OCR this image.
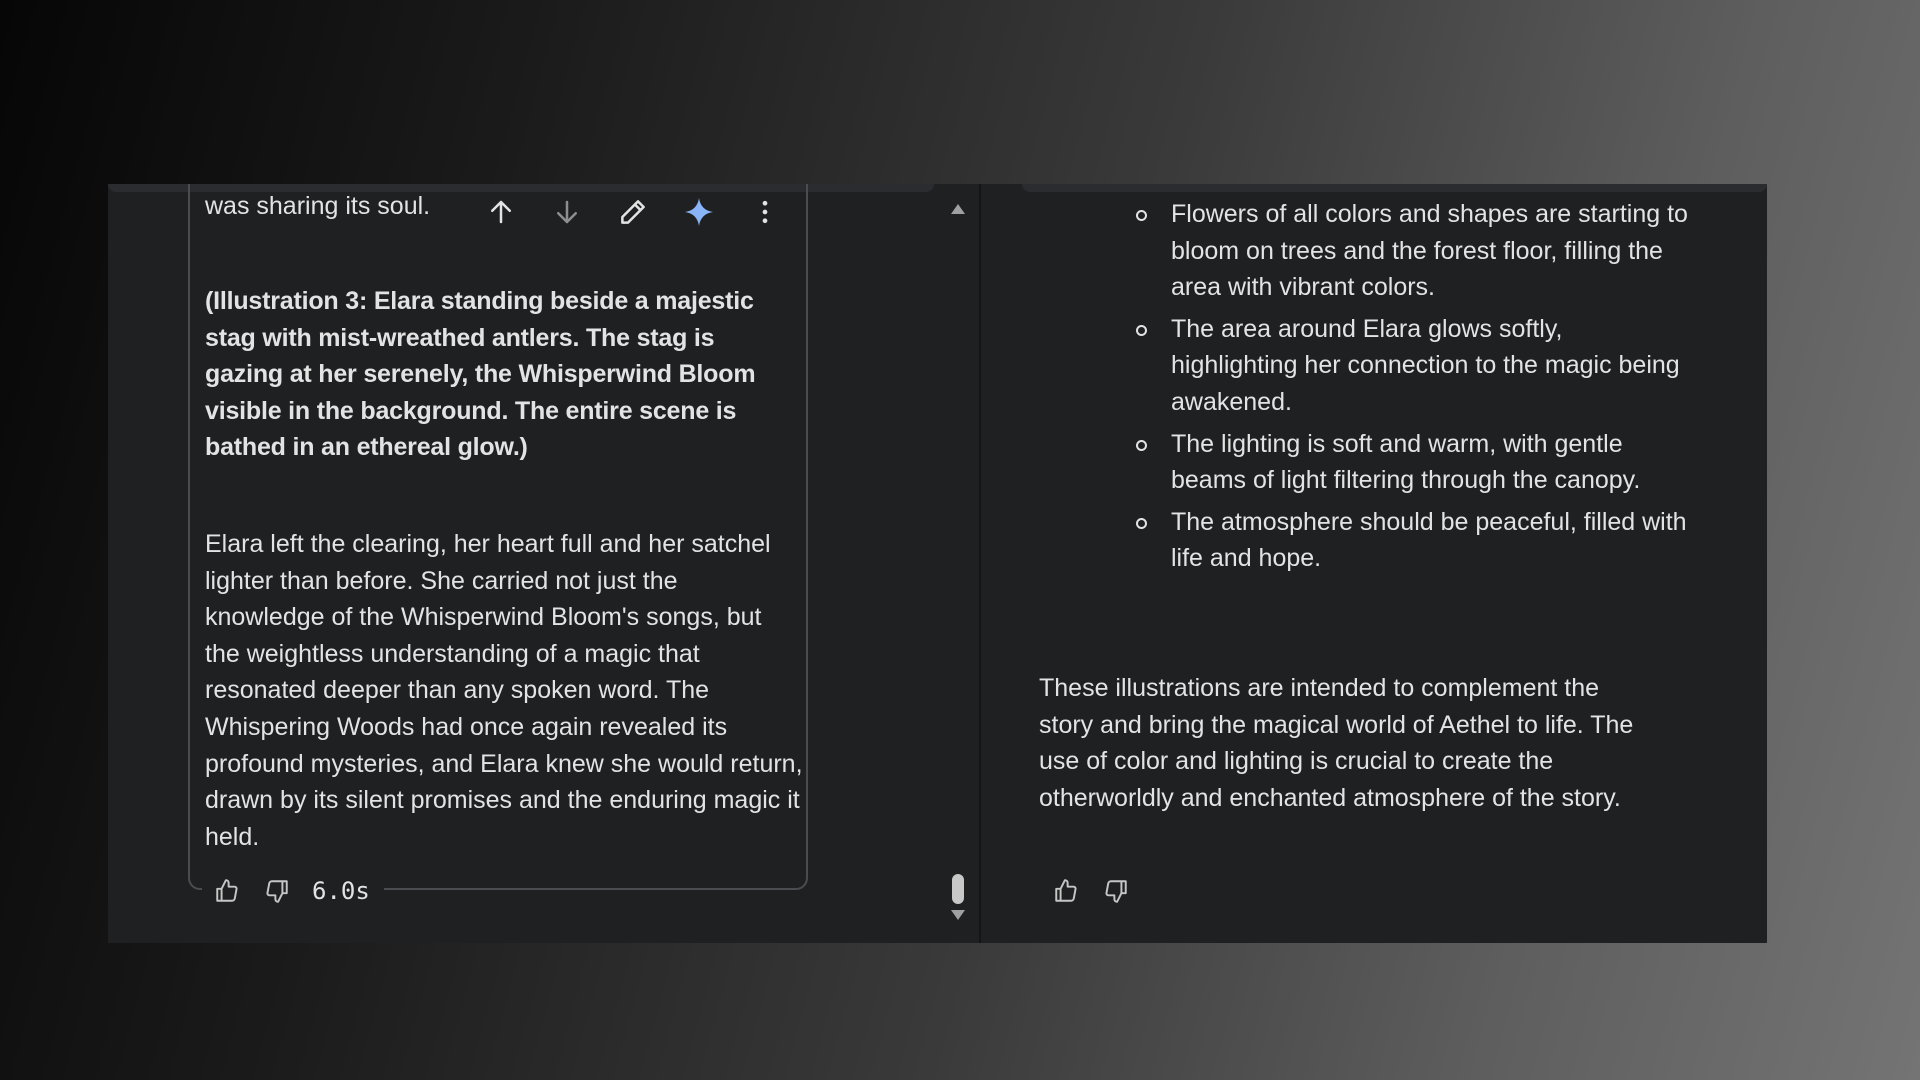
was sharing its soul.

(Illustration 3: Elara standing beside a majestic stag with mist-wreathed antlers. The stag is gazing at her serenely, the Whisperwind Bloom visible in the background. The entire scene is bathed in an ethereal glow.)

Elara left the clearing, her heart full and her satchel lighter than before. She carried not just the knowledge of the Whisperwind Bloom's songs, but the weightless understanding of a magic that resonated deeper than any spoken word. The Whispering Woods had once again revealed its profound mysteries, and Elara knew she would return, drawn by its silent promises and the enduring magic it held.

6.0s
Flowers of all colors and shapes are starting to bloom on trees and the forest floor, filling the area with vibrant colors.
The area around Elara glows softly, highlighting her connection to the magic being awakened.
The lighting is soft and warm, with gentle beams of light filtering through the canopy.
The atmosphere should be peaceful, filled with life and hope.

These illustrations are intended to complement the story and bring the magical world of Aethel to life. The use of color and lighting is crucial to create the otherworldly and enchanted atmosphere of the story.
